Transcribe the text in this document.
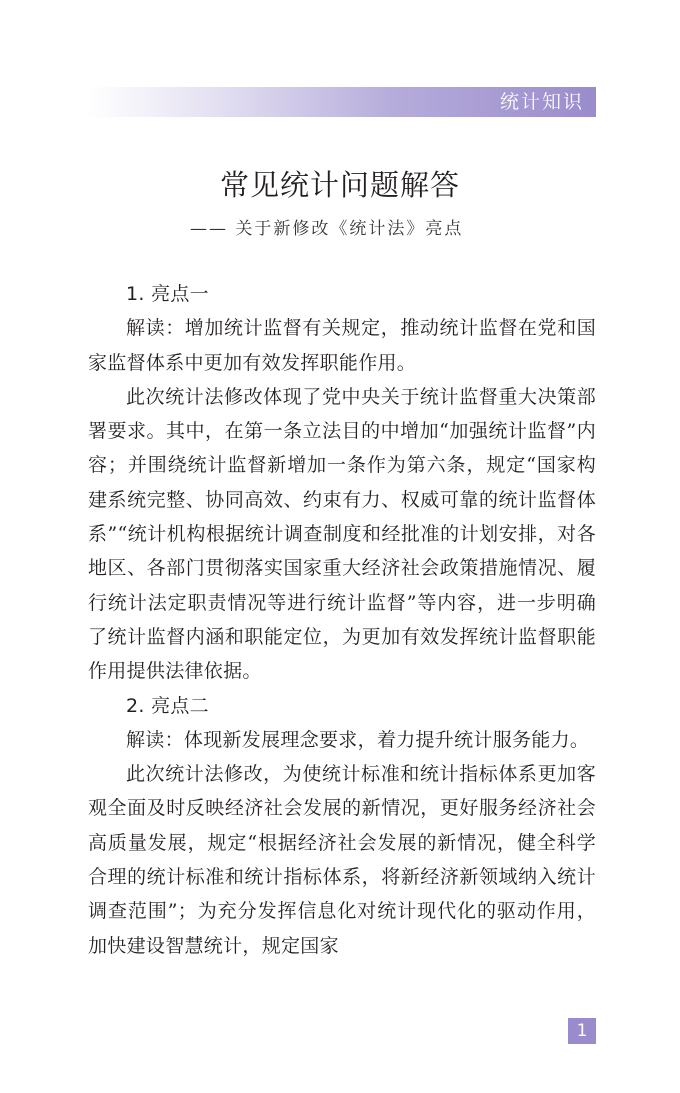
统计知识
常见统计问题解答
—— 关于新修改《统计法》亮点

1. 亮点一

解读：增加统计监督有关规定，推动统计监督在党和国家监督体系中更加有效发挥职能作用。

此次统计法修改体现了党中央关于统计监督重大决策部署要求。其中，在第一条立法目的中增加“加强统计监督”内容；并围绕统计监督新增加一条作为第六条，规定“国家构建系统完整、协同高效、约束有力、权威可靠的统计监督体系”“统计机构根据统计调查制度和经批准的计划安排，对各地区、各部门贯彻落实国家重大经济社会政策措施情况、履行统计法定职责情况等进行统计监督”等内容，进一步明确了统计监督内涵和职能定位，为更加有效发挥统计监督职能作用提供法律依据。

2. 亮点二

解读：体现新发展理念要求，着力提升统计服务能力。

此次统计法修改，为使统计标准和统计指标体系更加客观全面及时反映经济社会发展的新情况，更好服务经济社会高质量发展，规定“根据经济社会发展的新情况，健全科学合理的统计标准和统计指标体系，将新经济新领域纳入统计调查范围”；为充分发挥信息化对统计现代化的驱动作用，加快建设智慧统计，规定国家

1
